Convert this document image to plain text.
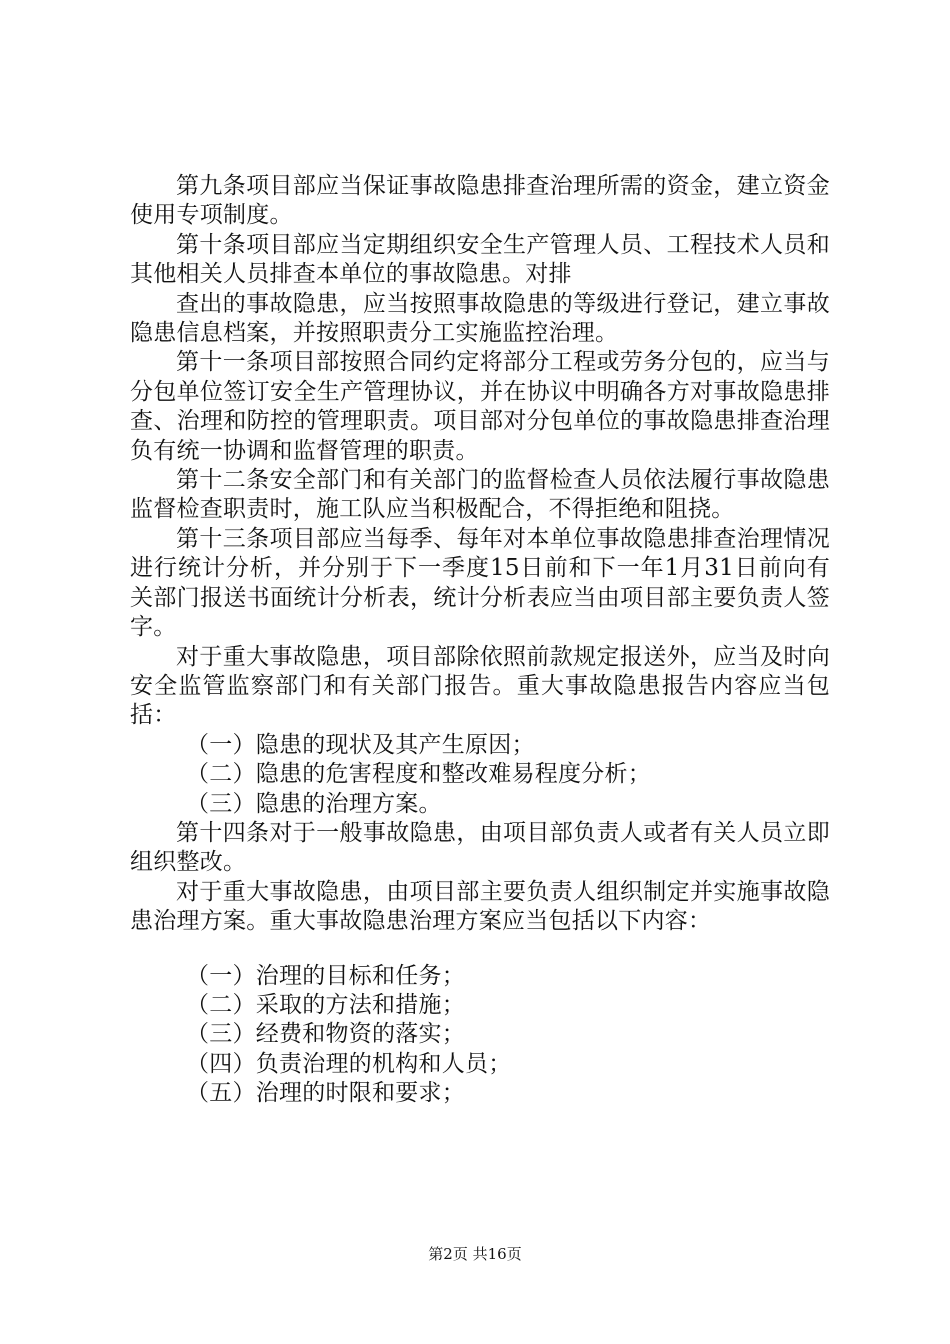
第九条项目部应当保证事故隐患排查治理所需的资金，建立资金使用专项制度。

第十条项目部应当定期组织安全生产管理人员、工程技术人员和其他相关人员排查本单位的事故隐患。对排

查出的事故隐患，应当按照事故隐患的等级进行登记，建立事故隐患信息档案，并按照职责分工实施监控治理。

第十一条项目部按照合同约定将部分工程或劳务分包的，应当与分包单位签订安全生产管理协议，并在协议中明确各方对事故隐患排查、治理和防控的管理职责。项目部对分包单位的事故隐患排查治理负有统一协调和监督管理的职责。

第十二条安全部门和有关部门的监督检查人员依法履行事故隐患监督检查职责时，施工队应当积极配合，不得拒绝和阻挠。

第十三条项目部应当每季、每年对本单位事故隐患排查治理情况进行统计分析，并分别于下一季度15日前和下一年1月31日前向有关部门报送书面统计分析表，统计分析表应当由项目部主要负责人签字。

对于重大事故隐患，项目部除依照前款规定报送外，应当及时向安全监管监察部门和有关部门报告。重大事故隐患报告内容应当包括：

（一）隐患的现状及其产生原因；

（二）隐患的危害程度和整改难易程度分析；

（三）隐患的治理方案。

第十四条对于一般事故隐患，由项目部负责人或者有关人员立即组织整改。

对于重大事故隐患，由项目部主要负责人组织制定并实施事故隐患治理方案。重大事故隐患治理方案应当包括以下内容：

（一）治理的目标和任务；

（二）采取的方法和措施；

（三）经费和物资的落实；

（四）负责治理的机构和人员；

（五）治理的时限和要求；

第2页 共16页
